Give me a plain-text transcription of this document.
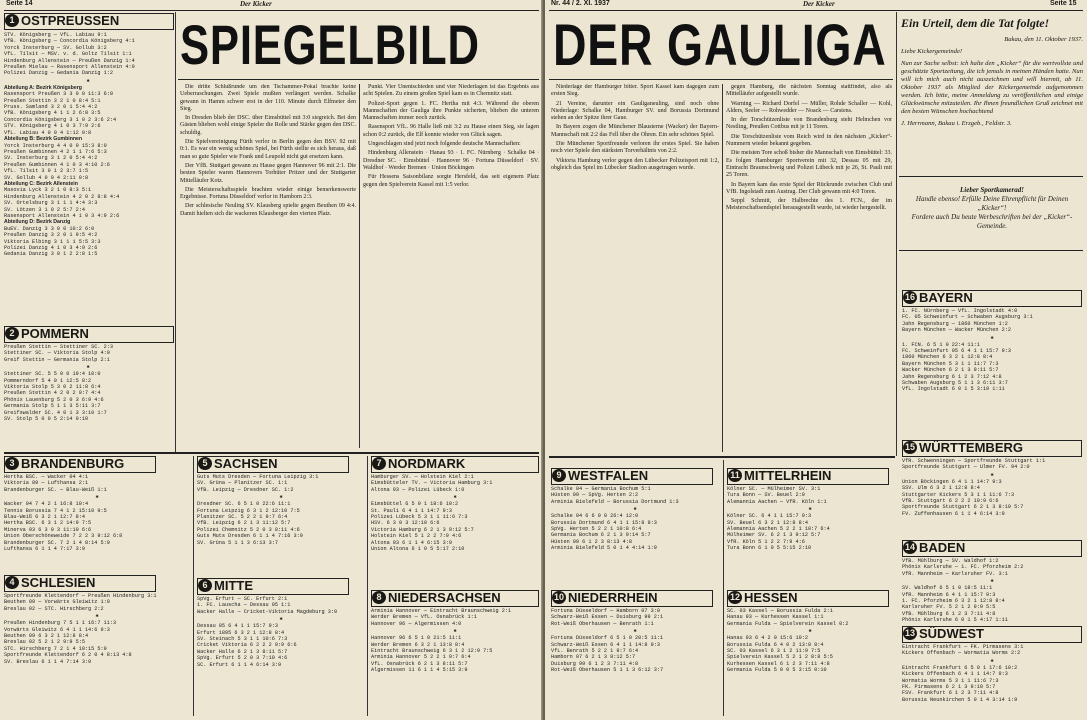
Seite 14	Der Kicker
1 OSTPREUSSEN
STV. Königsberg — VfL. Labiau 9:1
VfB. Königsberg — Concordia Königsberg 4:1
Yorck Insterburg — SV. Gollub 3:2
VfL. Tilsit — MSV. v. d. Goltz Tilsit 1:1
Hindenburg Allenstein — Preußen Danzig 1:4
Preußen Mielau — Rasensport Allenstein 4:0
Polizei Danzig — Gedania Danzig 1:2
✱
Abteilung A: Bezirk Königsberg
Rasensport Preußen 3 3 0 0 11:3 6:0
Preußen Stettin 3 2 1 0 8:4 5:1
Pruss. Samland 3 2 0 1 5:4 4:2
VfB. Königsberg 4 1 1 2 6:8 3:5
Concordia Königsberg 3 1 0 2 3:6 2:4
STV. Königsberg 4 1 0 3 7:9 2:6
VfL. Labiau 4 0 0 4 1:12 0:8
Abteilung B: Bezirk Gumbinnen
Yorck Insterburg 4 4 0 0 15:3 8:0
Preußen Gumbinnen 4 2 1 1 7:6 5:3
SV. Insterburg 3 1 2 0 5:4 4:2
Preußen Gumbinnen 4 1 0 3 4:10 2:6
VfL. Tilsit 3 0 1 2 3:7 1:5
SV. Gollub 4 0 0 4 2:11 0:8
Abteilung C: Bezirk Allenstein
Masovia Lyck 3 2 1 0 8:3 5:1
Hindenburg Allenstein 4 2 0 2 8:8 4:4
SV. Ortelsburg 3 1 1 1 4:4 3:3
SV. Lötzen 3 1 0 2 5:7 2:4
Rasensport Allenstein 4 1 0 3 4:9 2:6
Abteilung D: Bezirk Danzig
BuEV. Danzig 3 3 0 0 10:2 6:0
Preußen Danzig 3 2 0 1 9:5 4:2
Viktoria Elbing 3 1 1 1 5:5 3:3
Polizei Danzig 4 1 0 3 4:9 2:6
Gedania Danzig 3 0 1 2 2:8 1:5
2 POMMERN
Preußen Stettin — Stettiner SC. 2:3
Stettiner SC. — Viktoria Stolp 4:0
Greif Stettin — Germania Stolp 2:1
✱
Stettiner SC. 5 5 0 0 19:4 10:0
Pommerndorf 5 4 0 1 12:5 8:2
Viktoria Stolp 5 3 0 2 11:8 6:4
Preußen Stettin 4 2 0 2 9:7 4:4
Phönix Lauenburg 5 2 0 3 6:9 4:6
Germania Stolp 5 1 1 3 5:11 3:7
Greifswalder SC. 4 0 1 3 3:10 1:7
SV. Stolp 5 0 0 5 2:14 0:10
3 BRANDENBURG
Hertha BSC. — Wacker 04 4:1
Viktoria 89 — Lufthansa 2:1
Brandenburger SC. — Blau-Weiß 1:1
✱
Wacker 04 7 4 2 1 16:8 10:4
Tennis Borussia 7 4 1 2 15:10 9:5
Blau-Weiß 6 3 2 1 12:7 8:4
Hertha BSC. 6 3 1 2 14:9 7:5
Minerva 93 6 3 0 3 11:10 6:6
Union Oberschöneweide 7 2 2 3 9:12 6:8
Brandenburger SC. 7 2 1 4 8:14 5:9
Lufthansa 6 1 1 4 7:17 3:9
4 SCHLESIEN
Sportfreunde Klettendorf — Preußen Hindenburg 3:1
Beuthen 09 — Vorwärts Gleiwitz 1:0
Breslau 02 — STC. Hirschberg 2:2
✱
Preußen Hindenburg 7 5 1 1 16:7 11:3
Vorwärts Gleiwitz 6 4 1 1 14:6 9:3
Beuthen 09 6 3 2 1 12:8 8:4
Breslau 02 5 2 1 2 9:9 5:5
STC. Hirschberg 7 2 1 4 10:15 5:9
Sportfreunde Klettendorf 6 2 0 4 8:13 4:8
SV. Breslau 6 1 1 4 7:14 3:9
5 SACHSEN
Guts Muts Dresden — Fortuna Leipzig 3:1
SV. Grüna — Planitzer SC. 1:1
VfB. Leipzig — Dresdner SC. 1:2
✱
Dresdner SC. 6 5 1 0 22:6 11:1
Fortuna Leipzig 6 3 1 2 12:10 7:5
Planitzer SC. 5 2 2 1 9:7 6:4
VfB. Leipzig 6 2 1 3 11:12 5:7
Polizei Chemnitz 5 2 0 3 8:11 4:6
Guts Muts Dresden 6 1 1 4 7:16 3:9
SV. Grüna 5 1 1 3 6:13 3:7
6 MITTE
SpVg. Erfurt — SC. Erfurt 2:1
1. FC. Lauscha — Dessau 05 1:1
Wacker Halle — Cricket-Viktoria Magdeburg 3:0
✱
Dessau 05 6 4 1 1 15:7 9:3
Erfurt 1895 6 3 2 1 12:8 8:4
SV. Steinach 5 3 1 1 10:6 7:3
Cricket Viktoria 6 2 2 2 9:9 6:6
Wacker Halle 6 2 1 3 8:11 5:7
SpVg. Erfurt 5 2 0 3 7:10 4:6
SC. Erfurt 6 1 1 4 6:14 3:9
7 NORDMARK
Hamburger SV. — Holstein Kiel 2:1
Eimsbütteler TV. — Victoria Hamburg 3:1
Altona 93 — Polizei Lübeck 1:0
✱
Eimsbüttel 6 5 0 1 18:6 10:2
St. Pauli 6 4 1 1 14:7 9:3
Polizei Lübeck 5 3 1 1 11:6 7:3
HSV. 6 3 0 3 12:10 6:6
Victoria Hamburg 6 2 1 3 9:12 5:7
Holstein Kiel 5 1 2 2 7:9 4:6
Altona 93 6 1 1 4 6:15 3:9
Union Altona 6 1 0 5 5:17 2:10
8 NIEDERSACHSEN
Arminia Hannover — Eintracht Braunschweig 2:1
Werder Bremen — VfL. Osnabrück 1:1
Hannover 96 — Algermissen 4:0
✱
Hannover 96 6 5 1 0 21:5 11:1
Werder Bremen 6 3 2 1 13:8 8:4
Eintracht Braunschweig 6 3 1 2 12:9 7:5
Arminia Hannover 5 2 2 1 9:7 6:4
VfL. Osnabrück 6 2 1 3 8:11 5:7
Algermissen 11 6 1 1 4 5:15 3:9
SPIEGELBILD

Die dritte Schlußrunde um den Tschammer-Pokal brachte keine Ueberraschungen. Zwei Spiele mußten verlängert werden. Schalke gewann in Hamm schwer erst in der 110. Minute durch Elfmeter den Sieg.

In Dresden blieb der DSC. über Eimsbüttel mit 3:0 siegreich. Bei den Gästen blieben wohl einige Spieler die Rolle und Stärke gegen den DSC. schuldig.

Die Spielvereinigung Fürth verlor in Berlin gegen den BSV. 92 mit 0:1. Es war ein wenig schönes Spiel, bei Fürth stellte es sich heraus, daß man so gute Spieler wie Frank und Leupold nicht gut ersetzen kann.

Der VfB. Stuttgart gewann zu Hause gegen Hannover 96 mit 2:1. Die besten Spieler waren Hannovers Torhüter Pritzer und der Stuttgarter Mittelläufer Kotz.

Die Meisterschaftsspiele brachten wieder einige bemerkenswerte Ergebnisse. Fortuna Düsseldorf verlor in Hamborn 2:3.

Der schlesische Neuling SV. Klausberg spielte gegen Beuthen 09 4:4. Damit hielten sich die wackeren Klausberger den vierten Platz.

Punkt. Vier Unentschieden und vier Niederlagen ist das Ergebnis aus acht Spielen. Zu einem großen Spiel kam es in Chemnitz statt.

Polizei-Sport gegen 1. FC. Hertha mit 4:3. Während die oberen Mannschaften der Gauliga ihre Punkte sicherten, blieben die unteren Mannschaften immer noch zurück.

Rasensport VfL. 96 Halle ließ mit 3:2 zu Hause einen Sieg, sie lagen schon 0:2 zurück, die Elf konnte wieder von Glück sagen.

Ungeschlagen sind jetzt noch folgende deutsche Mannschaften:

Hindenburg Allenstein · Hanau 93 · 1. FC. Nürnberg · Schalke 04 · Dresdner SC. · Eimsbüttel · Hannover 96 · Fortuna Düsseldorf · SV. Waldhof · Werder Bremen · Union Böckingen

Für Hessens Saisonbilanz sorgte Hersfeld, das seit eigenem Platz gegen den Spielverein Kassel mit 1:5 verlor.

Nr. 44 / 2. XI. 1937	Der Kicker	Seite 15
DER GAULIGA

Niederlage der Hamburger bitter. Sport Kassel kam dagegen zum ersten Sieg.

21 Vereine, darunter ein Gauliganeuling, sind noch ohne Niederlage: Schalke 04, Hamburger SV. und Borussia Dortmund stehen an der Spitze ihrer Gaue.

In Bayern zogen die Münchener Blausterne (Wacker) der Bayern-Mannschaft mit 2:2 das Fell über die Ohren. Ein sehr schönes Spiel.

Die Münchener Sportfreunde verloren ihr erstes Spiel. Sie haben noch vier Spiele den stärksten Torverhältnis von 2:2.

Viktoria Hamburg verlor gegen den Lübecker Polizeisport mit 1:2, obgleich das Spiel im Lübecker Stadion ausgetragen wurde.

gegen Hamburg, die nächsten Sonntag stattfindet, also als Mittelläufer aufgestellt wurde.

Warning — Richard Dorfel — Müller, Rohde Schaller — Kohl, Alders, Seeler — Rohwedder — Noack — Carstens.

In der Torschützenliste von Brandenburg steht Helmchen vor Nestling, Preußen Cottbus mit je 11 Toren.

Die Torschützenliste vom Reich wird in den nächsten „Kicker“-Nummern wieder bekannt gegeben.

Die meisten Tore schoß bisher die Mannschaft von Eimsbüttel: 33. Es folgen Hamburger Sportverein mit 32, Dessau 05 mit 29, Eintracht Braunschweig und Polizei Lübeck mit je 26, St. Pauli mit 25 Toren.

In Bayern kam das erste Spiel der Rückrunde zwischen Club und VfB. Ingolstadt zum Austrag. Der Club gewann mit 4:0 Toren.

Seppl Schmitt, der Halbrechte des 1. FCN., der im Meisterschaftsendspiel herausgestellt wurde, ist wieder hergestellt.

Ein Urteil, dem die Tat folgte!
Bakau, den 11. Oktober 1937.
Liebe Kickergemeinde!
Nun zur Sache selbst: ich halte den „Kicker“ für die wertvollste und geschätzte Sportzeitung, die ich jemals in meinen Händen hatte. Nun will ich mich auch nicht auszeichnen und will hiermit, ab 11. Oktober 1937 als Mitglied der Kickergemeinde aufgenommen werden. Ich bitte, meine Anmeldung zu veröffentlichen und einige Glückwünsche mitzuteilen. Ihr Ihnen freundlichen Gruß zeichnet mit den besten Wünschen hochachtend
J. Herrmann, Bakau i. Erzgeb., Feldstr. 3.
Lieber Sportkamerad!
Handle ebenso! Erfülle Deine Ehrenpflicht für Deinen „Kicker“!
Fordere auch Du heute Werbeschriften bei der „Kicker“-Gemeinde.
16 BAYERN
1. FC. Nürnberg — VfL. Ingolstadt 4:0
FC. 05 Schweinfurt — Schwaben Augsburg 3:1
Jahn Regensburg — 1860 München 1:2
Bayern München — Wacker München 2:2
✱
1. FCN. 6 5 1 0 22:4 11:1
FC. Schweinfurt 05 6 4 1 1 15:7 9:3
1860 München 6 3 2 1 12:8 8:4
Bayern München 5 3 1 1 11:7 7:3
Wacker München 6 2 1 3 9:11 5:7
Jahn Regensburg 6 1 2 3 7:12 4:8
Schwaben Augsburg 5 1 1 3 6:11 3:7
VfL. Ingolstadt 6 0 1 5 3:19 1:11
15 WÜRTTEMBERG
VfR. Schwenningen — Sportfreunde Stuttgart 1:1
Sportfreunde Stuttgart — Ulmer FV. 94 2:0
✱
Union Böckingen 6 4 1 1 14:7 9:3
SSV. Ulm 6 3 2 1 12:8 8:4
Stuttgarter Kickers 5 3 1 1 11:6 7:3
VfB. Stuttgart 6 2 2 2 10:9 6:6
Sportfreunde Stuttgart 6 2 1 3 8:10 5:7
FV. Zuffenhausen 6 1 1 4 6:14 3:9
14 BADEN
VfB. Mühlburg — SV. Waldhof 1:2
Phönix Karlsruhe — 1. FC. Pforzheim 2:2
VfR. Mannheim — Karlsruher FV. 3:1
✱
SV. Waldhof 6 5 1 0 18:5 11:1
VfR. Mannheim 6 4 1 1 15:7 9:3
1. FC. Pforzheim 6 3 2 1 12:8 8:4
Karlsruher FV. 5 2 1 2 9:9 5:5
VfB. Mühlburg 6 1 2 3 7:11 4:8
Phönix Karlsruhe 6 0 1 5 4:17 1:11
13 SÜDWEST
Eintracht Frankfurt — FK. Pirmasens 3:1
Kickers Offenbach — Wormatia Worms 2:2
✱
Eintracht Frankfurt 6 5 0 1 17:6 10:2
Kickers Offenbach 6 4 1 1 14:7 9:3
Wormatia Worms 5 3 1 1 11:6 7:3
FK. Pirmasens 6 2 1 3 9:10 5:7
FSV. Frankfurt 6 1 2 3 7:11 4:8
Borussia Neunkirchen 5 0 1 4 3:14 1:9
9 WESTFALEN
Schalke 04 — Germania Bochum 5:1
Hüsten 09 — SpVg. Herten 2:2
Arminia Bielefeld — Borussia Dortmund 1:3
✱
Schalke 04 6 6 0 0 26:4 12:0
Borussia Dortmund 6 4 1 1 15:8 9:3
SpVg. Herten 5 2 2 1 10:8 6:4
Germania Bochum 6 2 1 3 9:14 5:7
Hüsten 09 6 1 2 3 8:13 4:8
Arminia Bielefeld 5 0 1 4 4:14 1:9
10 NIEDERRHEIN
Fortuna Düsseldorf — Hamborn 07 3:0
Schwarz-Weiß Essen — Duisburg 99 2:1
Rot-Weiß Oberhausen — Benrath 1:1
✱
Fortuna Düsseldorf 6 5 1 0 20:5 11:1
Schwarz-Weiß Essen 6 4 1 1 14:8 9:3
VfL. Benrath 5 2 2 1 9:7 6:4
Hamborn 07 6 2 1 3 8:12 5:7
Duisburg 99 6 1 2 3 7:11 4:8
Rot-Weiß Oberhausen 5 1 1 3 6:12 3:7
11 MITTELRHEIN
Kölner SC. — Mülheimer SV. 3:1
Tura Bonn — SV. Beuel 2:0
Alemannia Aachen — VfR. Köln 1:1
✱
Kölner SC. 6 4 1 1 15:7 9:3
SV. Beuel 6 3 2 1 12:8 8:4
Alemannia Aachen 5 2 2 1 10:7 6:4
Mülheimer SV. 6 2 1 3 9:12 5:7
VfR. Köln 5 1 2 2 7:9 4:6
Tura Bonn 6 1 0 5 5:15 2:10
12 HESSEN
SC. 03 Kassel — Borussia Fulda 2:1
Hanau 93 — Kurhessen Kassel 1:1
Germania Fulda — Spielverein Kassel 0:2
✱
Hanau 93 6 4 2 0 15:6 10:2
Borussia Fulda 6 4 0 2 13:8 8:4
SC. 03 Kassel 6 3 1 2 11:9 7:5
Spielverein Kassel 5 2 1 2 8:8 5:5
Kurhessen Kassel 6 1 2 3 7:11 4:8
Germania Fulda 5 0 0 5 3:15 0:10
